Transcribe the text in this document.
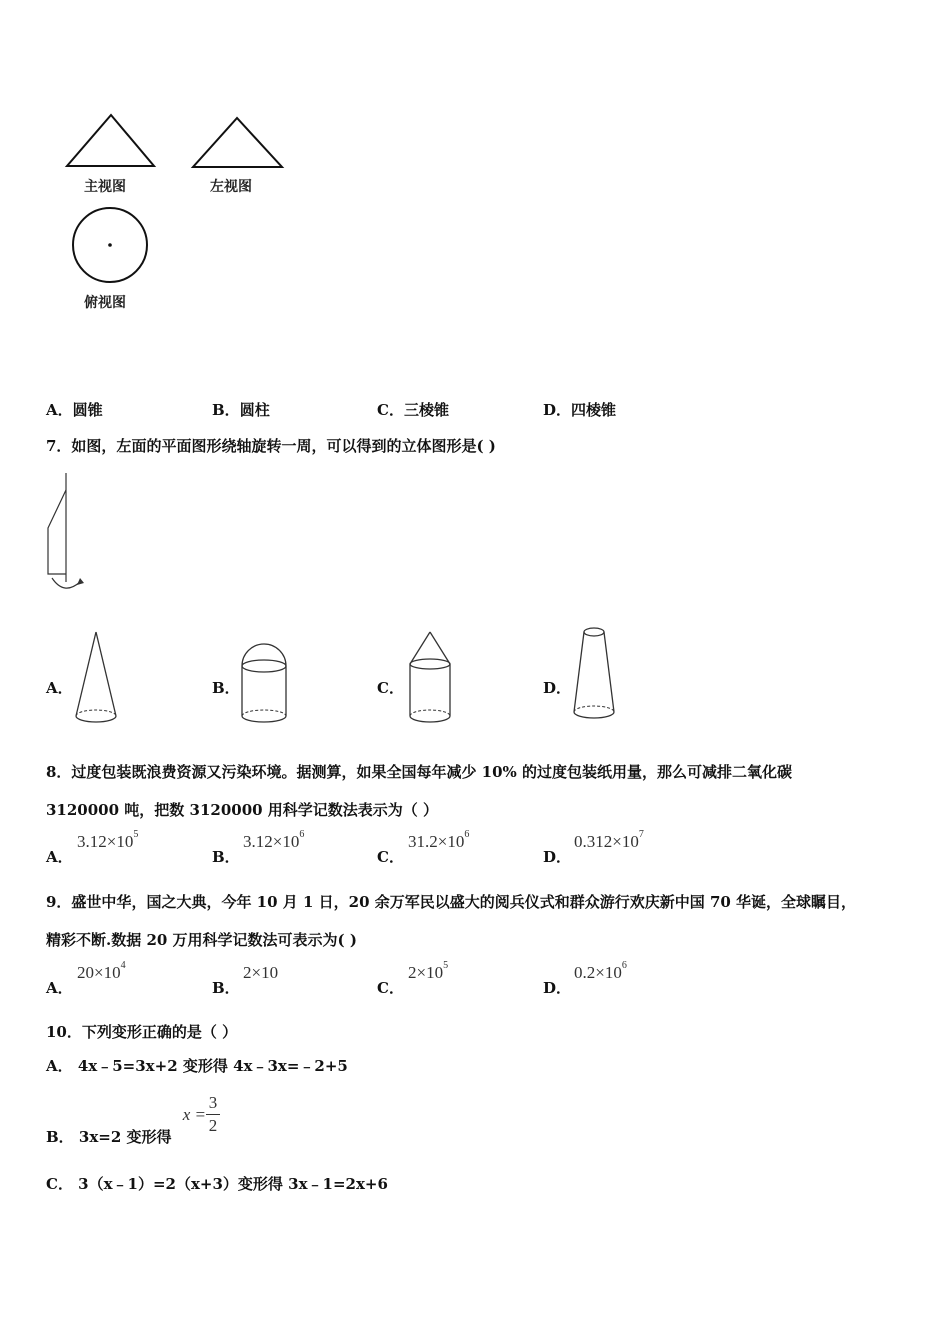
主视图	左视图
俯视图
A．圆锥	B．圆柱	C．三棱锥	D．四棱锥
7．如图，左面的平面图形绕轴旋转一周，可以得到的立体图形是( )
A．	B．	C．	D．
8．过度包装既浪费资源又污染环境。据测算，如果全国每年减少 10% 的过度包装纸用量，那么可减排二氧化碳
3120000 吨，把数 3120000 用科学记数法表示为（ ）
A．
$3.12\times 10^5$
B．
$3.12\times 10^6$
C．
$31.2\times 10^6$
D．
$0.312\times 10^7$
9．盛世中华，国之大典，今年 10 月 1 日，20 余万军民以盛大的阅兵仪式和群众游行欢庆新中国 70 华诞，全球瞩目，
精彩不断.数据 20 万用科学记数法可表示为( )
A．
$20\times 10^4$
B．
2×10
C．
$2\times 10^5$
D．
$0.2\times 10^6$
10．下列变形正确的是（ ）
A． 4x﹣5=3x+2 变形得 4x﹣3x=﹣2+5
B． 3x=2 变形得
$x = \frac{3}{2}$
C． 3（x﹣1）=2（x+3）变形得 3x﹣1=2x+6
